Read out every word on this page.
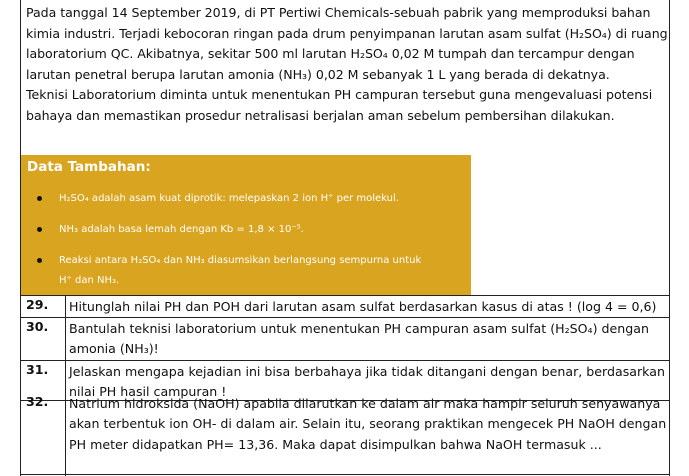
Pada tanggal 14 September 2019, di PT Pertiwi Chemicals-sebuah pabrik yang memproduksi bahan kimia industri. Terjadi kebocoran ringan pada drum penyimpanan larutan asam sulfat (H₂SO₄) di ruang laboratorium QC. Akibatnya, sekitar 500 ml larutan H₂SO₄ 0,02 M tumpah dan tercampur dengan larutan penetral berupa larutan amonia (NH₃) 0,02 M sebanyak 1 L yang berada di dekatnya.

Teknisi Laboratorium diminta untuk menentukan PH campuran tersebut guna mengevaluasi potensi bahaya dan memastikan prosedur netralisasi berjalan aman sebelum pembersihan dilakukan.

Data Tambahan:
H₂SO₄ adalah asam kuat diprotik: melepaskan 2 ion H⁺ per molekul.
NH₃ adalah basa lemah dengan Kb = 1,8 × 10⁻⁵.
Reaksi antara H₂SO₄ dan NH₃ diasumsikan berlangsung sempurna untuk
H⁺ dan NH₃.
29.	Hitunglah nilai PH dan POH dari larutan asam sulfat berdasarkan kasus di atas ! (log 4 = 0,6)
30.	Bantulah teknisi laboratorium untuk menentukan PH campuran asam sulfat (H₂SO₄) dengan amonia (NH₃)!
31.	Jelaskan mengapa kejadian ini bisa berbahaya jika tidak ditangani dengan benar, berdasarkan nilai PH hasil campuran !
32.	Natrium hidroksida (NaOH) apabila dilarutkan ke dalam air maka hampir seluruh senyawanya akan terbentuk ion OH- di dalam air. Selain itu, seorang praktikan mengecek PH NaOH dengan PH meter didapatkan PH= 13,36. Maka dapat disimpulkan bahwa NaOH termasuk ...
